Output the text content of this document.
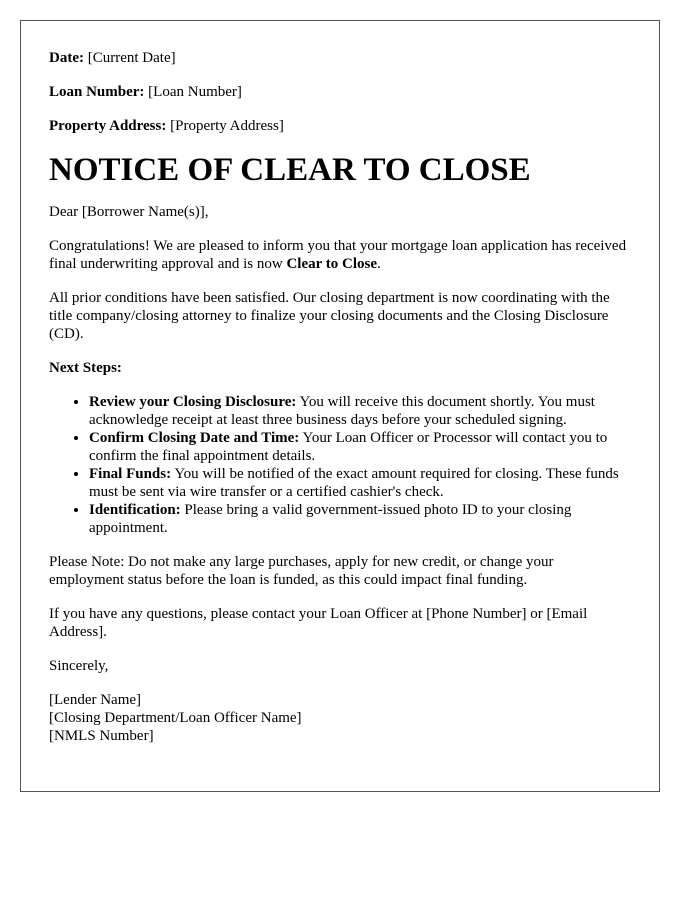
Date: [Current Date]
Loan Number: [Loan Number]
Property Address: [Property Address]
NOTICE OF CLEAR TO CLOSE

Dear [Borrower Name(s)],

Congratulations! We are pleased to inform you that your mortgage loan application has received final underwriting approval and is now Clear to Close.

All prior conditions have been satisfied. Our closing department is now coordinating with the title company/closing attorney to finalize your closing documents and the Closing Disclosure (CD).

Next Steps:
• Review your Closing Disclosure: You will receive this document shortly. You must acknowledge receipt at least three business days before your scheduled signing.
• Confirm Closing Date and Time: Your Loan Officer or Processor will contact you to confirm the final appointment details.
• Final Funds: You will be notified of the exact amount required for closing. These funds must be sent via wire transfer or a certified cashier's check.
• Identification: Please bring a valid government-issued photo ID to your closing appointment.

Please Note: Do not make any large purchases, apply for new credit, or change your employment status before the loan is funded, as this could impact final funding.

If you have any questions, please contact your Loan Officer at [Phone Number] or [Email Address].

Sincerely,

[Lender Name]

[Closing Department/Loan Officer Name]

[NMLS Number]
